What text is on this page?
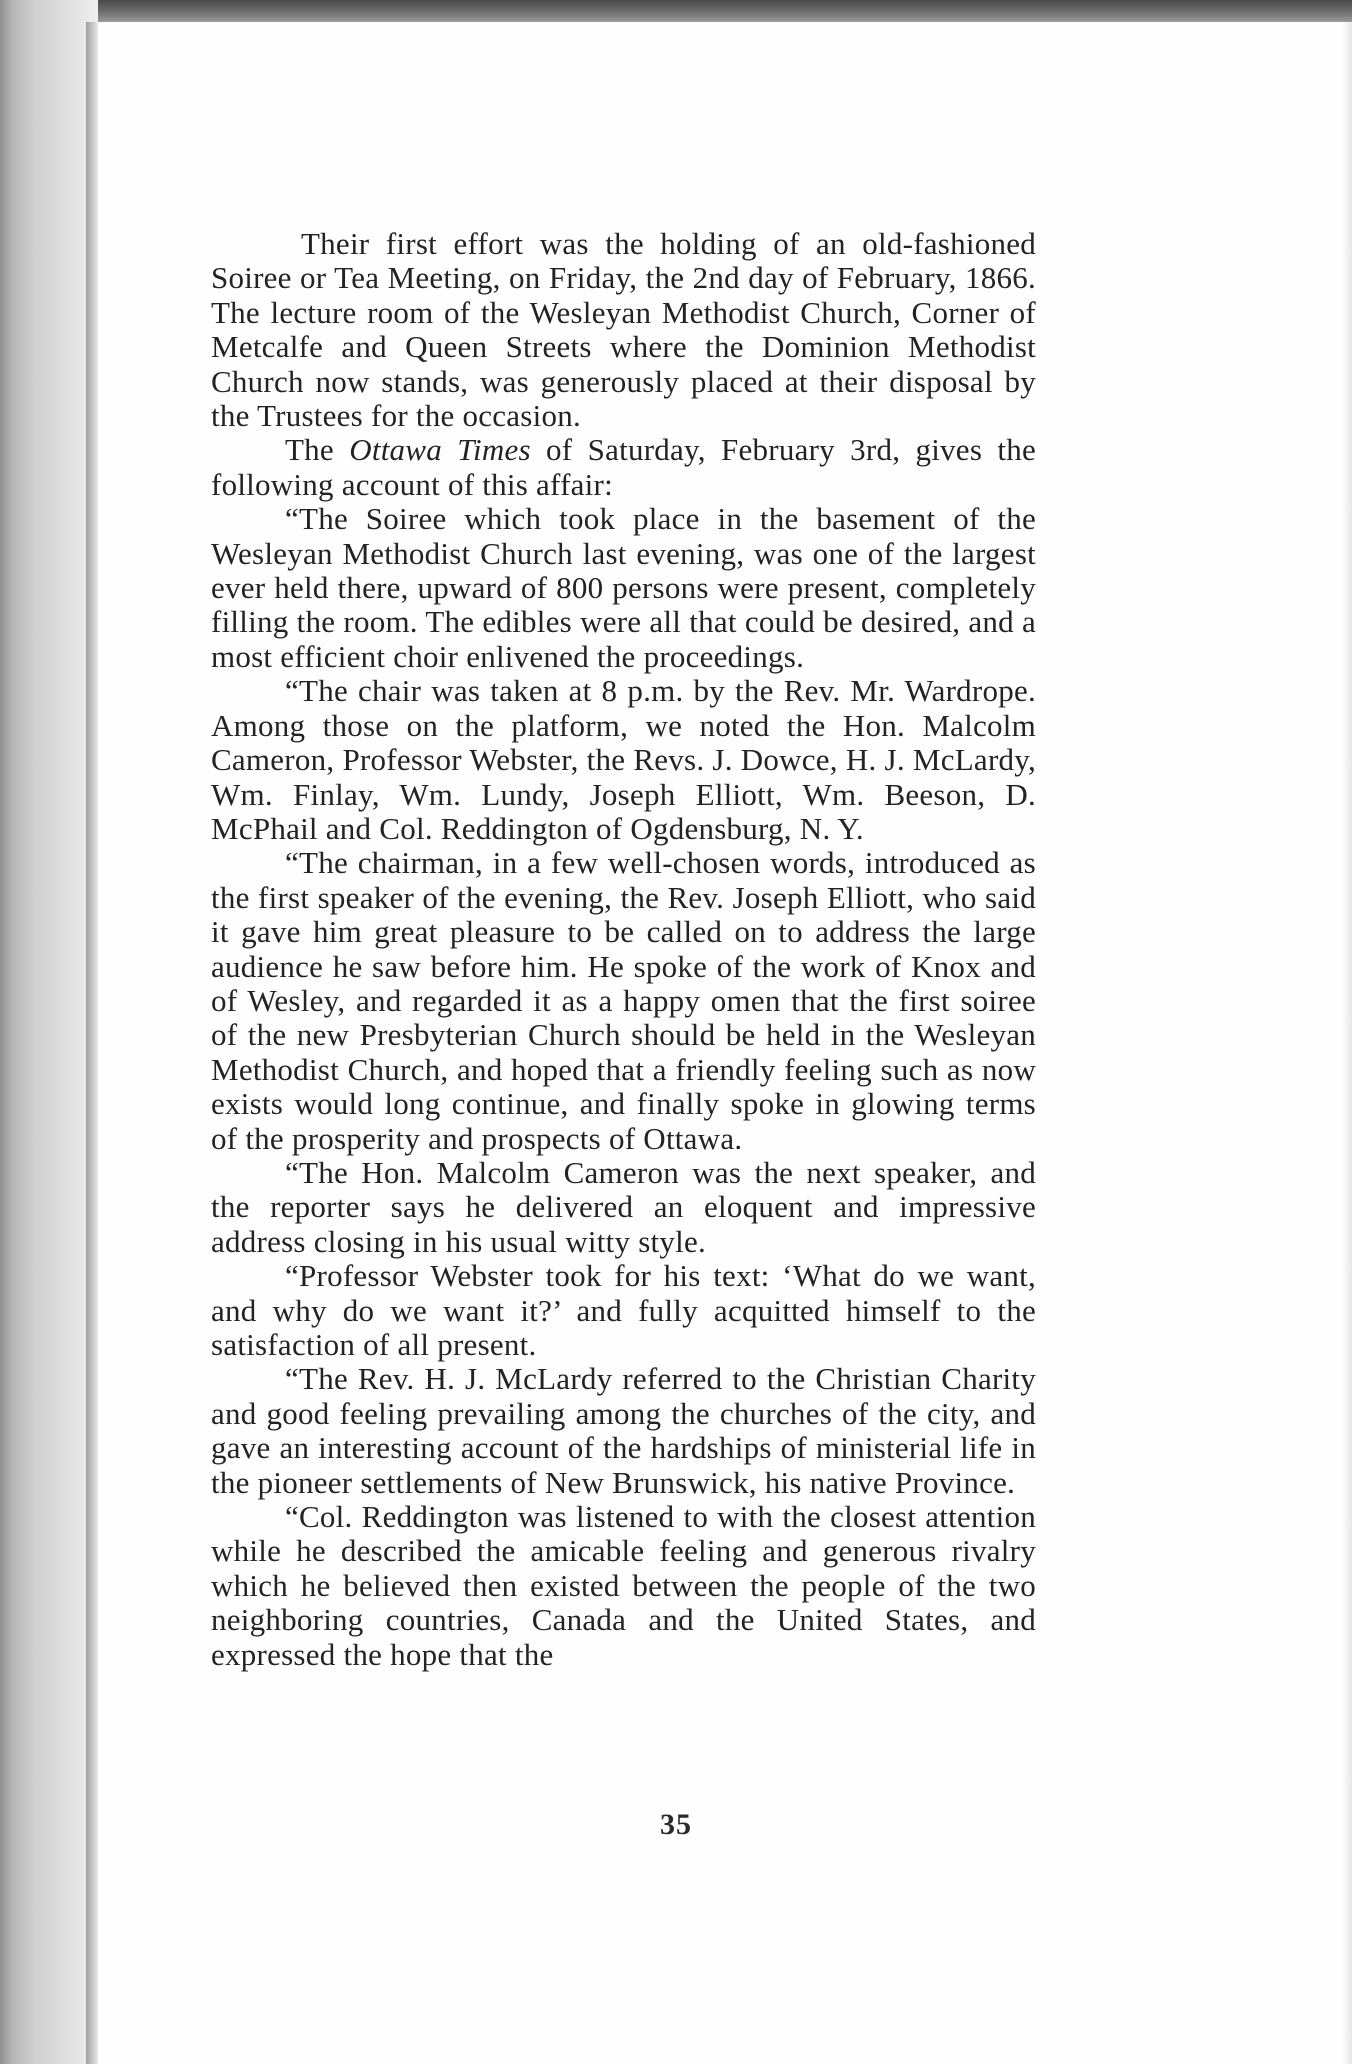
Their first effort was the holding of an old-fashioned Soiree or Tea Meeting, on Friday, the 2nd day of February, 1866. The lecture room of the Wesleyan Methodist Church, Corner of Metcalfe and Queen Streets where the Dominion Methodist Church now stands, was generously placed at their disposal by the Trustees for the occasion.

The Ottawa Times of Saturday, February 3rd, gives the following account of this affair:

“The Soiree which took place in the basement of the Wesleyan Methodist Church last evening, was one of the largest ever held there, upward of 800 persons were present, completely filling the room. The edibles were all that could be desired, and a most efficient choir enlivened the proceedings.

“The chair was taken at 8 p.m. by the Rev. Mr. Wardrope. Among those on the platform, we noted the Hon. Malcolm Cameron, Professor Webster, the Revs. J. Dowce, H. J. McLardy, Wm. Finlay, Wm. Lundy, Joseph Elliott, Wm. Beeson, D. McPhail and Col. Reddington of Ogdensburg, N. Y.

“The chairman, in a few well-chosen words, introduced as the first speaker of the evening, the Rev. Joseph Elliott, who said it gave him great pleasure to be called on to address the large audience he saw before him. He spoke of the work of Knox and of Wesley, and regarded it as a happy omen that the first soiree of the new Presbyterian Church should be held in the Wesleyan Methodist Church, and hoped that a friendly feeling such as now exists would long continue, and finally spoke in glowing terms of the prosperity and prospects of Ottawa.

“The Hon. Malcolm Cameron was the next speaker, and the reporter says he delivered an eloquent and impressive address closing in his usual witty style.

“Professor Webster took for his text: ‘What do we want, and why do we want it?’ and fully acquitted himself to the satisfaction of all present.

“The Rev. H. J. McLardy referred to the Christian Charity and good feeling prevailing among the churches of the city, and gave an interesting account of the hardships of ministerial life in the pioneer settlements of New Brunswick, his native Province.

“Col. Reddington was listened to with the closest attention while he described the amicable feeling and generous rivalry which he believed then existed between the people of the two neighboring countries, Canada and the United States, and expressed the hope that the

35
